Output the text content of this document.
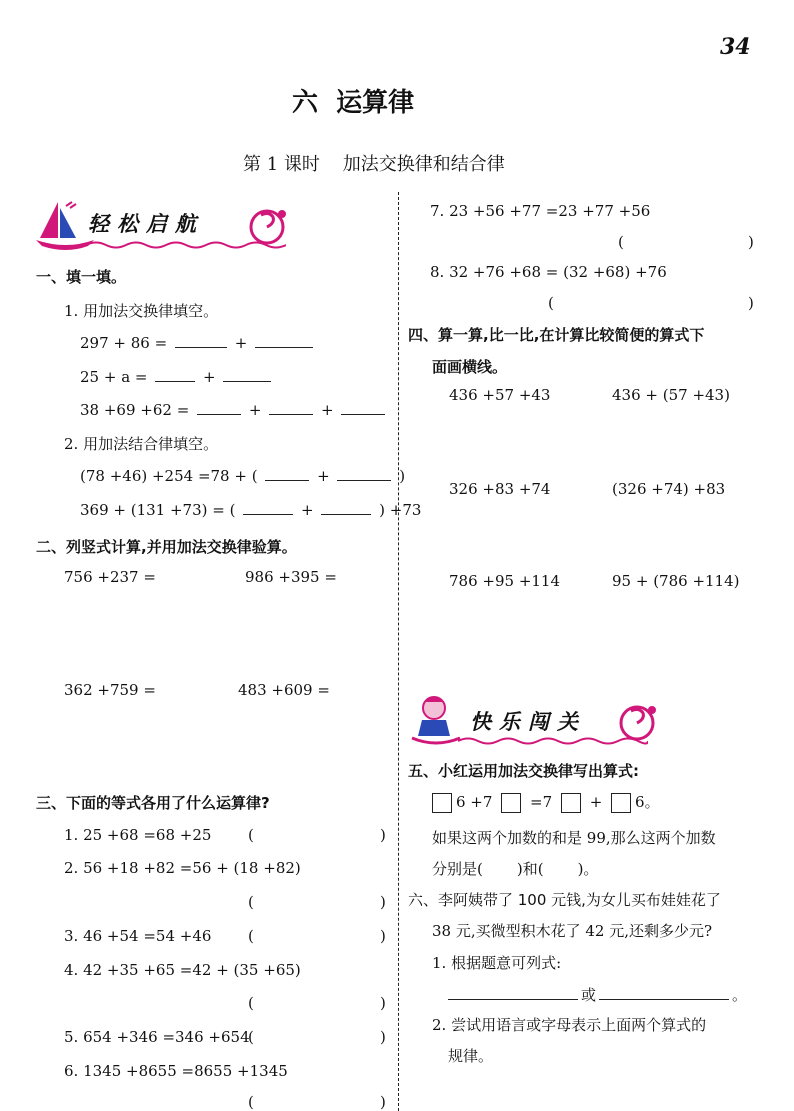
34
六  运算律
第 1 课时    加法交换律和结合律
轻松启航
一、填一填。
1. 用加法交换律填空。
297 + 86 =	+
25 + a =	+
38 +69 +62 =	+	+
2. 用加法结合律填空。
(78 +46) +254 =78 + (	+	)
369 + (131 +73) = (	+	) +73
二、列竖式计算,并用加法交换律验算。
756 +237 =	986 +395 =
362 +759 =	483 +609 =
三、下面的等式各用了什么运算律?
1. 25 +68 =68 +25 (	)
2. 56 +18 +82 =56 + (18 +82)
(	)
3. 46 +54 =54 +46 (	)
4. 42 +35 +65 =42 + (35 +65)
(	)
5. 654 +346 =346 +654
(	)
6. 1345 +8655 =8655 +1345
(	)
7. 23 +56 +77 =23 +77 +56
(	)
8. 32 +76 +68 = (32 +68) +76
(	)
四、算一算,比一比,在计算比较简便的算式下
面画横线。
436 +57 +43	436 + (57 +43)
326 +83 +74	(326 +74) +83
786 +95 +114	95 + (786 +114)
快乐闯关
五、小红运用加法交换律写出算式:
6 +7	=7	+ 6。
如果这两个加数的和是 99,那么这两个加数
分别是( )和( )。
六、李阿姨带了 100 元钱,为女儿买布娃娃花了
38 元,买微型积木花了 42 元,还剩多少元?
1. 根据题意可列式:
或	。
2. 尝试用语言或字母表示上面两个算式的
规律。
